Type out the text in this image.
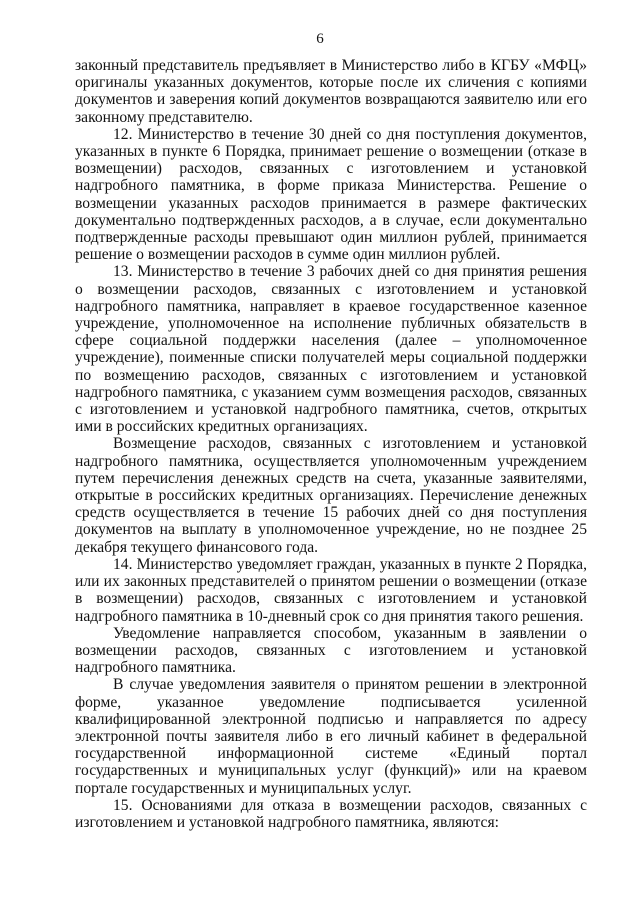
6

законный представитель предъявляет в Министерство либо в КГБУ «МФЦ» оригиналы указанных документов, которые после их сличения с копиями документов и заверения копий документов возвращаются заявителю или его законному представителю.

12. Министерство в течение 30 дней со дня поступления документов, указанных в пункте 6 Порядка, принимает решение о возмещении (отказе в возмещении) расходов, связанных с изготовлением и установкой надгробного памятника, в форме приказа Министерства. Решение о возмещении указанных расходов принимается в размере фактических документально подтвержденных расходов, а в случае, если документально подтвержденные расходы превышают один миллион рублей, принимается решение о возмещении расходов в сумме один миллион рублей.

13. Министерство в течение 3 рабочих дней со дня принятия решения о возмещении расходов, связанных с изготовлением и установкой надгробного памятника, направляет в краевое государственное казенное учреждение, уполномоченное на исполнение публичных обязательств в сфере социальной поддержки населения (далее – уполномоченное учреждение), поименные списки получателей меры социальной поддержки по возмещению расходов, связанных с изготовлением и установкой надгробного памятника, с указанием сумм возмещения расходов, связанных с изготовлением и установкой надгробного памятника, счетов, открытых ими в российских кредитных организациях.

Возмещение расходов, связанных с изготовлением и установкой надгробного памятника, осуществляется уполномоченным учреждением путем перечисления денежных средств на счета, указанные заявителями, открытые в российских кредитных организациях. Перечисление денежных средств осуществляется в течение 15 рабочих дней со дня поступления документов на выплату в уполномоченное учреждение, но не позднее 25 декабря текущего финансового года.

14. Министерство уведомляет граждан, указанных в пункте 2 Порядка, или их законных представителей о принятом решении о возмещении (отказе в возмещении) расходов, связанных с изготовлением и установкой надгробного памятника в 10-дневный срок со дня принятия такого решения.

Уведомление направляется способом, указанным в заявлении о возмещении расходов, связанных с изготовлением и установкой надгробного памятника.

В случае уведомления заявителя о принятом решении в электронной форме, указанное уведомление подписывается усиленной квалифицированной электронной подписью и направляется по адресу электронной почты заявителя либо в его личный кабинет в федеральной государственной информационной системе «Единый портал государственных и муниципальных услуг (функций)» или на краевом портале государственных и муниципальных услуг.

15. Основаниями для отказа в возмещении расходов, связанных с изготовлением и установкой надгробного памятника, являются:
